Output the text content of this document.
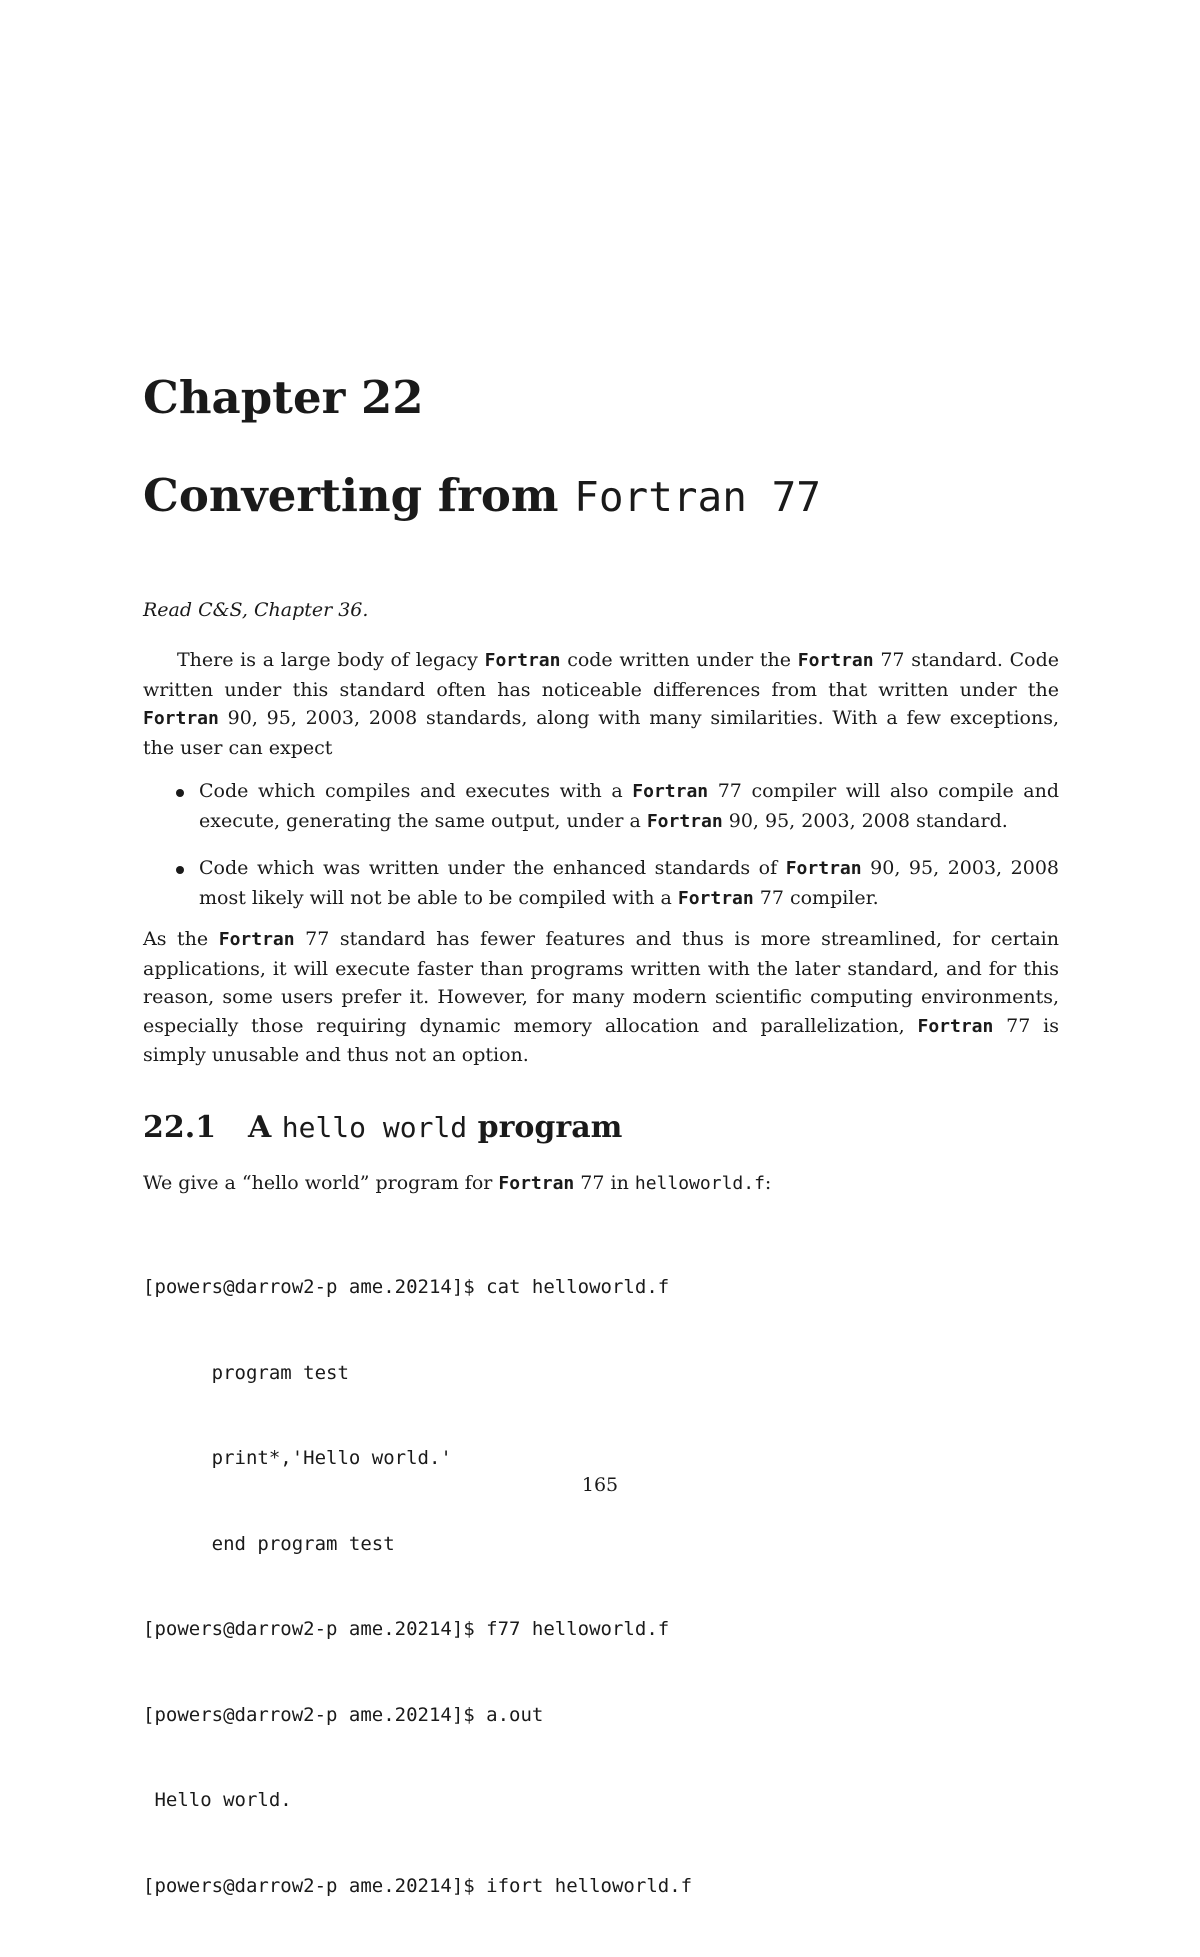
Chapter 22
Converting from Fortran 77

Read C&S, Chapter 36.

There is a large body of legacy Fortran code written under the Fortran 77 standard. Code written under this standard often has noticeable differences from that written under the Fortran 90, 95, 2003, 2008 standards, along with many similarities. With a few exceptions, the user can expect

Code which compiles and executes with a Fortran 77 compiler will also compile and execute, generating the same output, under a Fortran 90, 95, 2003, 2008 standard.
Code which was written under the enhanced standards of Fortran 90, 95, 2003, 2008 most likely will not be able to be compiled with a Fortran 77 compiler.

As the Fortran 77 standard has fewer features and thus is more streamlined, for certain applications, it will execute faster than programs written with the later standard, and for this reason, some users prefer it. However, for many modern scientific computing environments, especially those requiring dynamic memory allocation and parallelization, Fortran 77 is simply unusable and thus not an option.

22.1 A hello world program

We give a “hello world” program for Fortran 77 in helloworld.f:

[powers@darrow2-p ame.20214]$ cat helloworld.f

program test

print*,'Hello world.'

end program test

[powers@darrow2-p ame.20214]$ f77 helloworld.f

[powers@darrow2-p ame.20214]$ a.out

Hello world.

[powers@darrow2-p ame.20214]$ ifort helloworld.f

165
